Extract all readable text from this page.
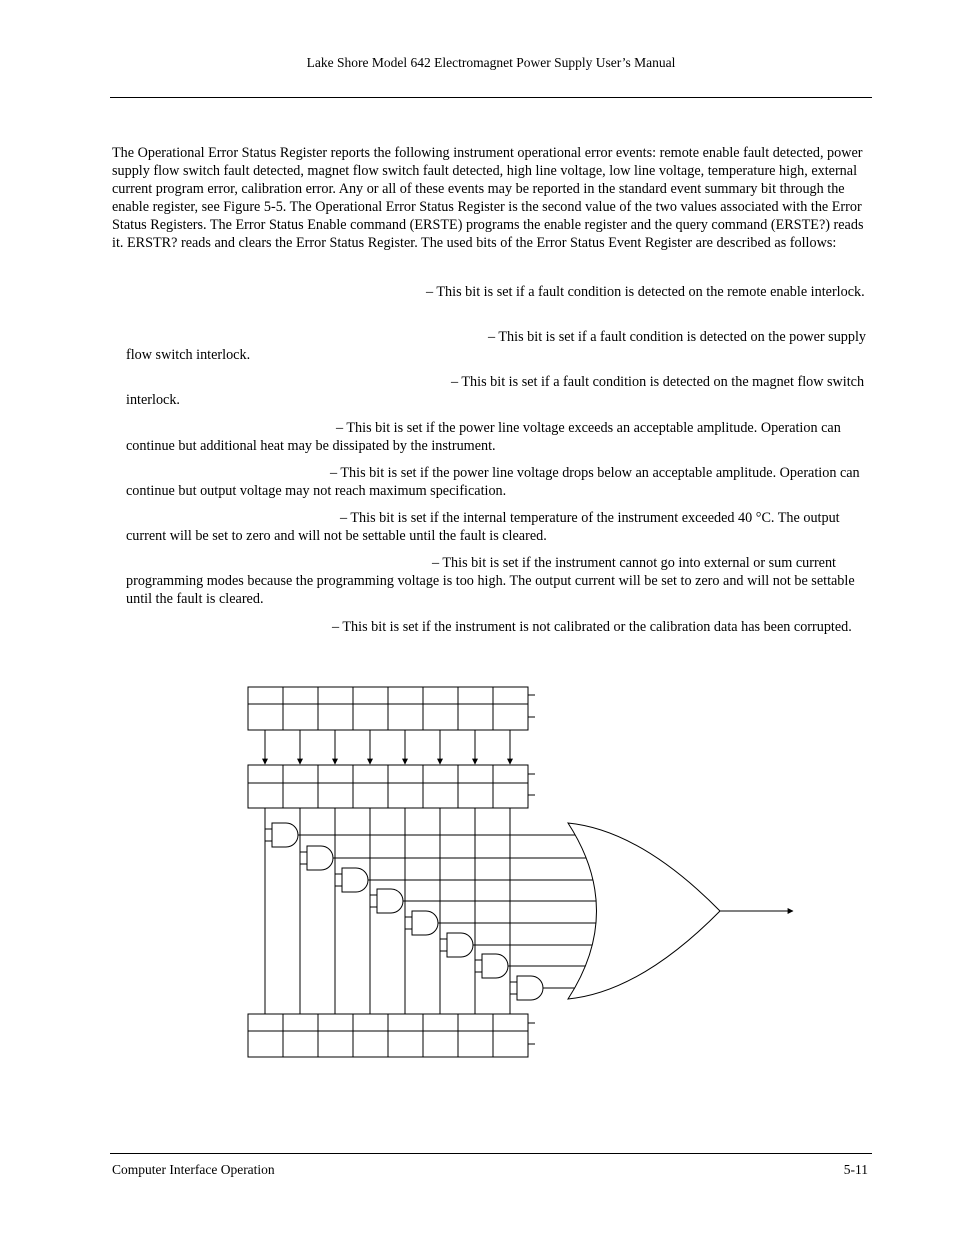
Lake Shore Model 642 Electromagnet Power Supply User’s Manual

The Operational Error Status Register reports the following instrument operational error events: remote enable fault detected, power supply flow switch fault detected, magnet flow switch fault detected, high line voltage, low line voltage, temperature high, external current program error, calibration error. Any or all of these events may be reported in the standard event summary bit through the enable register, see Figure 5-5. The Operational Error Status Register is the second value of the two values associated with the Error Status Registers. The Error Status Enable command (ERSTE) programs the enable register and the query command (ERSTE?) reads it. ERSTR? reads and clears the Error Status Register. The used bits of the Error Status Event Register are described as follows:

– This bit is set if a fault condition is detected on the remote enable interlock.

– This bit is set if a fault condition is detected on the power supply flow switch interlock.

– This bit is set if a fault condition is detected on the magnet flow switch interlock.

– This bit is set if the power line voltage exceeds an acceptable amplitude. Operation can continue but additional heat may be dissipated by the instrument.

– This bit is set if the power line voltage drops below an acceptable amplitude. Operation can continue but output voltage may not reach maximum specification.

– This bit is set if the internal temperature of the instrument exceeded 40 °C. The output current will be set to zero and will not be settable until the fault is cleared.

– This bit is set if the instrument cannot go into external or sum current programming modes because the programming voltage is too high. The output current will be set to zero and will not be settable until the fault is cleared.

– This bit is set if the instrument is not calibrated or the calibration data has been corrupted.

Computer Interface Operation	5-11
